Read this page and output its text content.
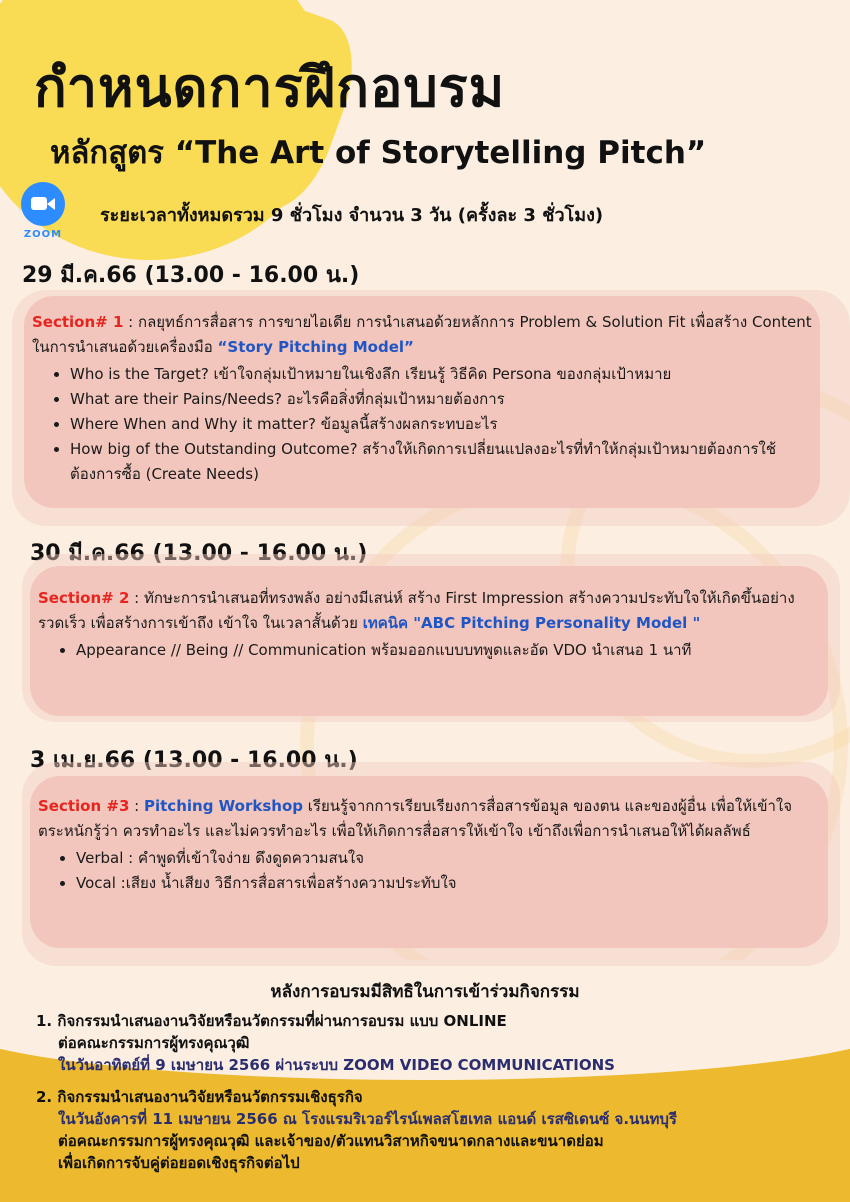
กำหนดการฝึกอบรม
หลักสูตร “The Art of Storytelling Pitch”
ZOOM
ระยะเวลาทั้งหมดรวม 9 ชั่วโมง จำนวน 3 วัน (ครั้งละ 3 ชั่วโมง)
29 มี.ค.66 (13.00 - 16.00 น.)

Section# 1 : กลยุทธ์การสื่อสาร การขายไอเดีย การนำเสนอด้วยหลักการ Problem & Solution Fit เพื่อสร้าง Content ในการนำเสนอด้วยเครื่องมือ “Story Pitching Model”

• Who is the Target? เข้าใจกลุ่มเป้าหมายในเชิงลึก เรียนรู้ วิธีคิด Persona ของกลุ่มเป้าหมาย
• What are their Pains/Needs? อะไรคือสิ่งที่กลุ่มเป้าหมายต้องการ
• Where When and Why it matter? ข้อมูลนี้สร้างผลกระทบอะไร
• How big of the Outstanding Outcome? สร้างให้เกิดการเปลี่ยนแปลงอะไรที่ทำให้กลุ่มเป้าหมายต้องการใช้ ต้องการซื้อ (Create Needs)
30 มี.ค.66 (13.00 - 16.00 น.)

Section# 2 : ทักษะการนำเสนอที่ทรงพลัง อย่างมีเสน่ห์ สร้าง First Impression สร้างความประทับใจให้เกิดขึ้นอย่างรวดเร็ว เพื่อสร้างการเข้าถึง เข้าใจ ในเวลาสั้นด้วย เทคนิค "ABC Pitching Personality Model "

• Appearance // Being // Communication พร้อมออกแบบบทพูดและอัด VDO นำเสนอ 1 นาที
3 เม.ย.66 (13.00 - 16.00 น.)

Section #3 : Pitching Workshop เรียนรู้จากการเรียบเรียงการสื่อสารข้อมูล ของตน และของผู้อื่น เพื่อให้เข้าใจ ตระหนักรู้ว่า ควรทำอะไร และไม่ควรทำอะไร เพื่อให้เกิดการสื่อสารให้เข้าใจ เข้าถึงเพื่อการนำเสนอให้ได้ผลลัพธ์

• Verbal : คำพูดที่เข้าใจง่าย ดึงดูดความสนใจ
• Vocal :เสียง น้ำเสียง วิธีการสื่อสารเพื่อสร้างความประทับใจ
หลังการอบรมมีสิทธิในการเข้าร่วมกิจกรรม

1. กิจกรรมนำเสนองานวิจัยหรือนวัตกรรมที่ผ่านการอบรม แบบ ONLINE

ต่อคณะกรรมการผู้ทรงคุณวุฒิ

ในวันอาทิตย์ที่ 9 เมษายน 2566 ผ่านระบบ ZOOM VIDEO COMMUNICATIONS

2. กิจกรรมนำเสนองานวิจัยหรือนวัตกรรมเชิงธุรกิจ

ในวันอังคารที่ 11 เมษายน 2566 ณ โรงแรมริเวอร์ไรน์เพลสโฮเทล แอนด์ เรสซิเดนซ์ จ.นนทบุรี

ต่อคณะกรรมการผู้ทรงคุณวุฒิ และเจ้าของ/ตัวแทนวิสาหกิจขนาดกลางและขนาดย่อม

เพื่อเกิดการจับคู่ต่อยอดเชิงธุรกิจต่อไป
